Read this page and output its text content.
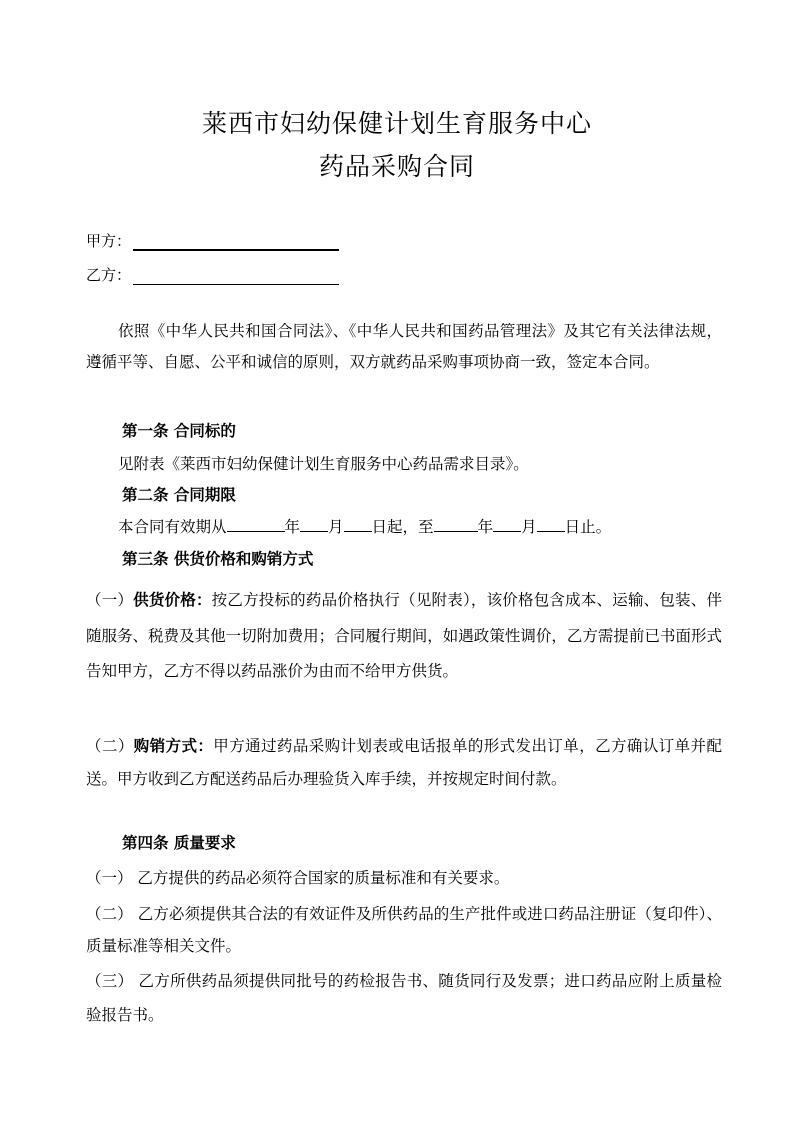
莱西市妇幼保健计划生育服务中心
药品采购合同
甲方：
乙方：
依照《中华人民共和国合同法》、《中华人民共和国药品管理法》及其它有关法律法规，遵循平等、自愿、公平和诚信的原则，双方就药品采购事项协商一致，签定本合同。
第一条 合同标的
见附表《莱西市妇幼保健计划生育服务中心药品需求目录》。
第二条 合同期限
本合同有效期从	年 月 日起，至	年 月 日止。
第三条 供货价格和购销方式
（一）供货价格：按乙方投标的药品价格执行（见附表），该价格包含成本、运输、包装、伴随服务、税费及其他一切附加费用；合同履行期间，如遇政策性调价，乙方需提前已书面形式告知甲方，乙方不得以药品涨价为由而不给甲方供货。
（二）购销方式：甲方通过药品采购计划表或电话报单的形式发出订单，乙方确认订单并配送。甲方收到乙方配送药品后办理验货入库手续，并按规定时间付款。
第四条 质量要求
（一） 乙方提供的药品必须符合国家的质量标准和有关要求。
（二） 乙方必须提供其合法的有效证件及所供药品的生产批件或进口药品注册证（复印件）、质量标准等相关文件。
（三） 乙方所供药品须提供同批号的药检报告书、随货同行及发票；进口药品应附上质量检验报告书。
